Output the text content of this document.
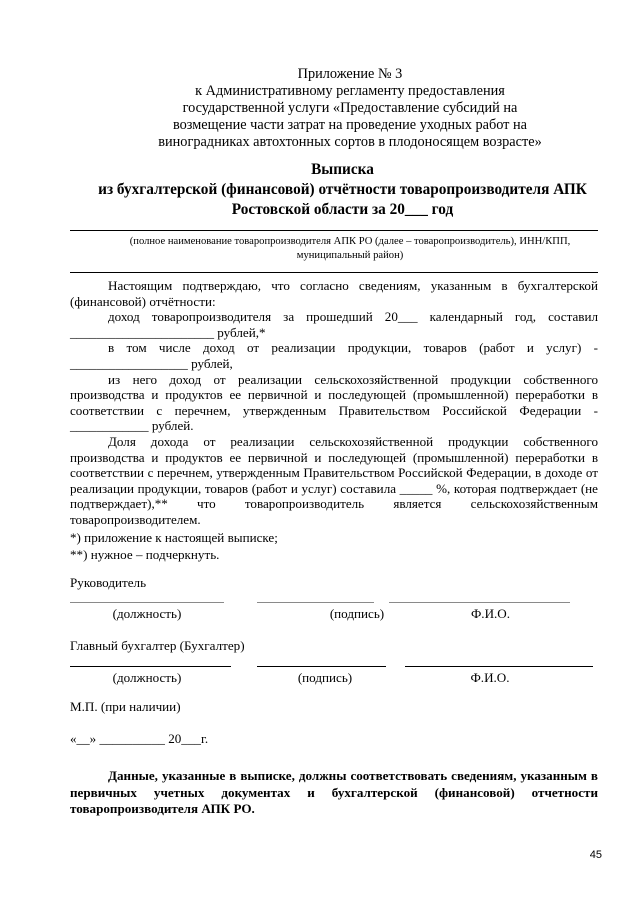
Приложение № 3
к Административному регламенту предоставления
государственной услуги «Предоставление субсидий на
возмещение части затрат на проведение уходных работ на
виноградниках автохтонных сортов в плодоносящем возрасте»
Выписка
из бухгалтерской (финансовой) отчётности товаропроизводителя АПК
Ростовской области за 20___ год
(полное наименование товаропроизводителя АПК РО (далее – товаропроизводитель), ИНН/КПП,
муниципальный район)

Настоящим подтверждаю, что согласно сведениям, указанным в бухгалтерской (финансовой) отчётности:

доход товаропроизводителя за прошедший 20___ календарный год, составил ______________________ рублей,*

в том числе доход от реализации продукции, товаров (работ и услуг) - __________________ рублей,

из него доход от реализации сельскохозяйственной продукции собственного производства и продуктов ее первичной и последующей (промышленной) переработки в соответствии с перечнем, утвержденным Правительством Российской Федерации - ____________ рублей.

Доля дохода от реализации сельскохозяйственной продукции собственного производства и продуктов ее первичной и последующей (промышленной) переработки в соответствии с перечнем, утвержденным Правительством Российской Федерации, в доходе от реализации продукции, товаров (работ и услуг) составила _____ %, которая подтверждает (не подтверждает),** что товаропроизводитель является сельскохозяйственным товаропроизводителем.

*) приложение к настоящей выписке;
**) нужное – подчеркнуть.
Руководитель
(должность)	(подпись)	Ф.И.О.
Главный бухгалтер (Бухгалтер)
(должность)	(подпись)	Ф.И.О.
М.П. (при наличии)
«__» __________ 20___г.
Данные, указанные в выписке, должны соответствовать сведениям, указанным в первичных учетных документах и бухгалтерской (финансовой) отчетности товаропроизводителя АПК РО.
45
